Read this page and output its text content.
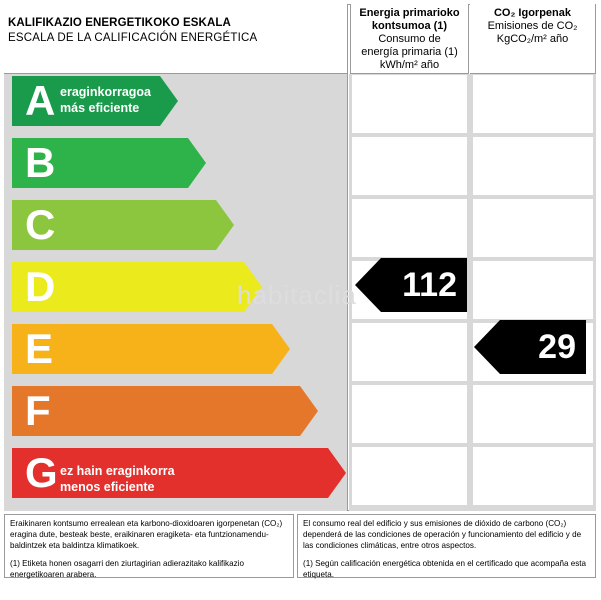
KALIFIKAZIO ENERGETIKOKO ESKALA
ESCALA DE LA CALIFICACIÓN ENERGÉTICA
Energia primarioko
kontsumoa (1)
Consumo de
energía primaria (1)
kWh/m² año
CO₂ Igorpenak
Emisiones de CO₂
KgCO₂/m² año
A eraginkorragoa
más eficiente
B
C
D
E
F
G ez hain eraginkorra
menos eficiente
habitaclia 112
29

Eraikinaren kontsumo errealean eta karbono-dioxidoaren igorpenetan (CO₂) eragina dute, besteak beste, eraikinaren eragiketa- eta funtzionamendu-baldintzek eta baldintza klimatikoek.

(1) Etiketa honen osagarri den ziurtagirian adierazitako kalifikazio energetikoaren arabera.

El consumo real del edificio y sus emisiones de dióxido de carbono (CO₂) dependerá de las condiciones de operación y funcionamiento del edificio y de las condiciones climáticas, entre otros aspectos.

(1) Según calificación energética obtenida en el certificado que acompaña esta etiqueta.
